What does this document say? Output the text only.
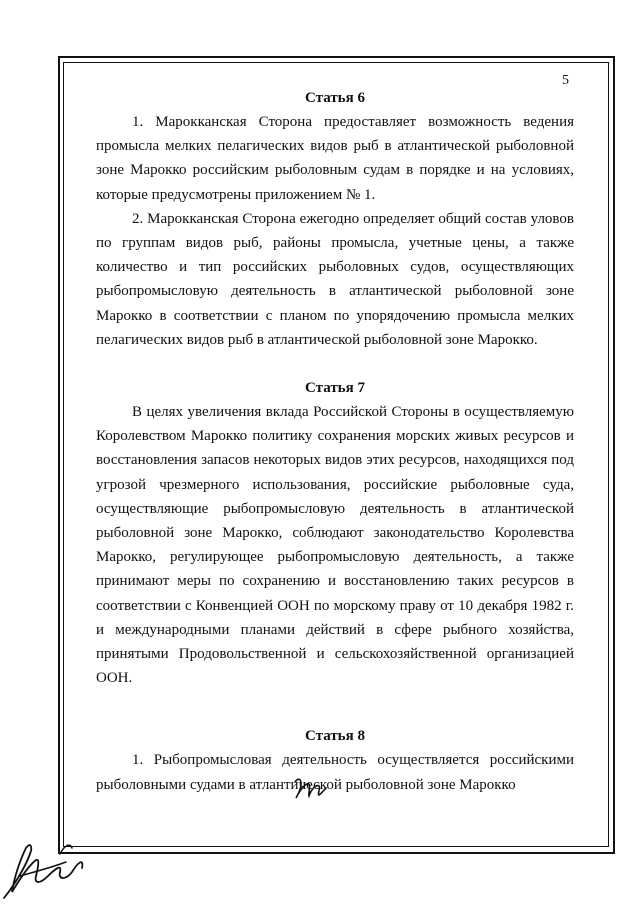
5
Статья 6

1. Марокканская Сторона предоставляет возможность ведения промысла мелких пелагических видов рыб в атлантической рыболовной зоне Марокко российским рыболовным судам в порядке и на условиях, которые предусмотрены приложением № 1.

2. Марокканская Сторона ежегодно определяет общий состав уловов по группам видов рыб, районы промысла, учетные цены, а также количество и тип российских рыболовных судов, осуществляющих рыбопромысловую деятельность в атлантической рыболовной зоне Марокко в соответствии с планом по упорядочению промысла мелких пелагических видов рыб в атлантической рыболовной зоне Марокко.

Статья 7

В целях увеличения вклада Российской Стороны в осуществляемую Королевством Марокко политику сохранения морских живых ресурсов и восстановления запасов некоторых видов этих ресурсов, находящихся под угрозой чрезмерного использования, российские рыболовные суда, осуществляющие рыбопромысловую деятельность в атлантической рыболовной зоне Марокко, соблюдают законодательство Королевства Марокко, регулирующее рыбопромысловую деятельность, а также принимают меры по сохранению и восстановлению таких ресурсов в соответствии с Конвенцией ООН по морскому праву от 10 декабря 1982 г. и международными планами действий в сфере рыбного хозяйства, принятыми Продовольственной и сельскохозяйственной организацией ООН.

Статья 8

1. Рыбопромысловая деятельность осуществляется российскими рыболовными судами в атлантической рыболовной зоне Марокко
